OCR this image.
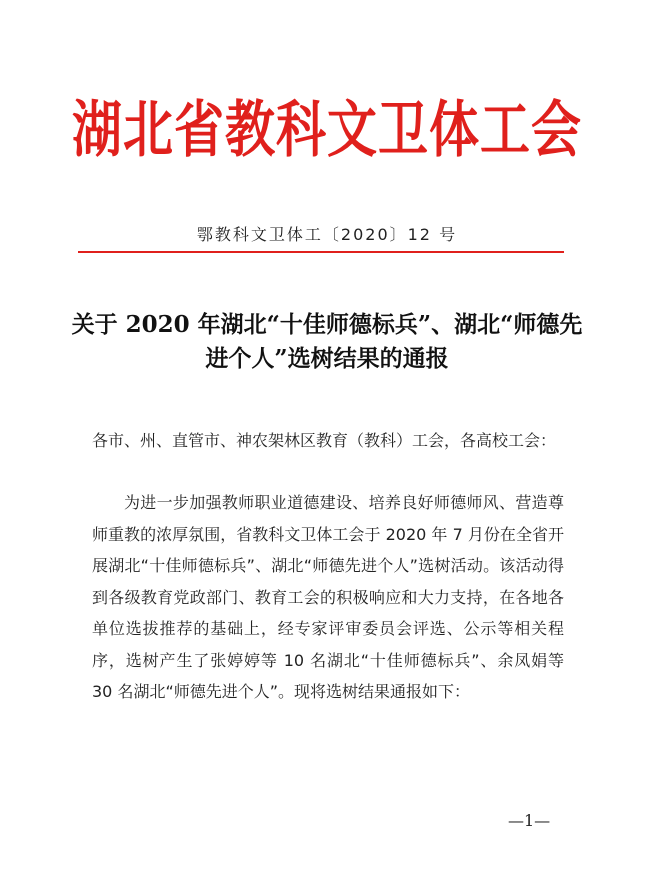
湖北省教科文卫体工会
鄂教科文卫体工〔2020〕12 号
关于 2020 年湖北“十佳师德标兵”、湖北“师德先进个人”选树结果的通报
各市、州、直管市、神农架林区教育（教科）工会，各高校工会：
为进一步加强教师职业道德建设、培养良好师德师风、营造尊师重教的浓厚氛围，省教科文卫体工会于 2020 年 7 月份在全省开展湖北“十佳师德标兵”、湖北“师德先进个人”选树活动。该活动得到各级教育党政部门、教育工会的积极响应和大力支持，在各地各单位选拔推荐的基础上，经专家评审委员会评选、公示等相关程序，选树产生了张婷婷等 10 名湖北“十佳师德标兵”、余凤娟等 30 名湖北“师德先进个人”。现将选树结果通报如下：
—1—
